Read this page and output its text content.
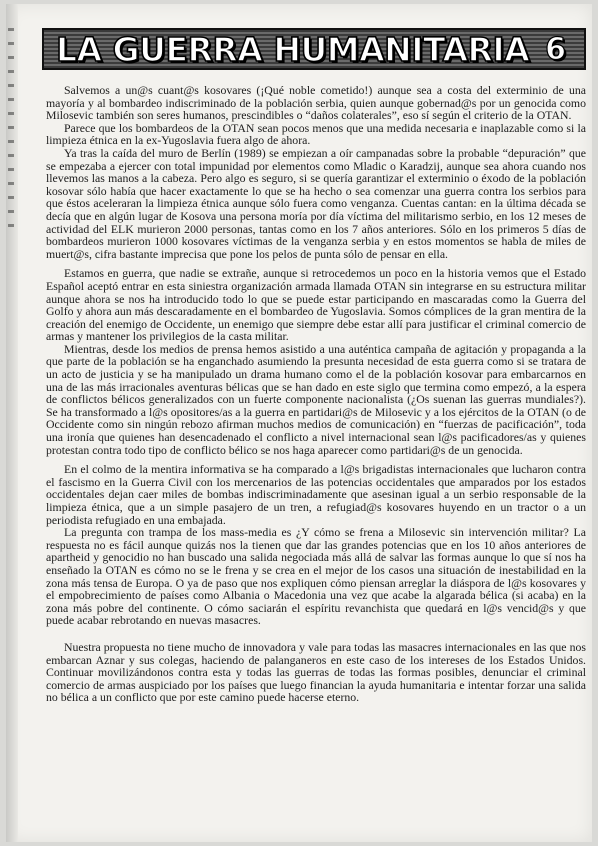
LA GUERRA HUMANITARIA 6

Salvemos a un@s cuant@s kosovares (¡Qué noble cometido!) aunque sea a costa del exterminio de una mayoría y al bombardeo indiscriminado de la población serbia, quien aunque gobernad@s por un genocida como Milosevic también son seres humanos, prescindibles o “daños colaterales”, eso sí según el criterio de la OTAN.

Parece que los bombardeos de la OTAN sean pocos menos que una medida necesaria e inaplazable como si la limpieza étnica en la ex-Yugoslavia fuera algo de ahora.

Ya tras la caída del muro de Berlín (1989) se empiezan a oír campanadas sobre la probable “depuración” que se empezaba a ejercer con total impunidad por elementos como Mladic o Karadzij, aunque sea ahora cuando nos llevemos las manos a la cabeza. Pero algo es seguro, si se quería garantizar el exterminio o éxodo de la población kosovar sólo había que hacer exactamente lo que se ha hecho o sea comenzar una guerra contra los serbios para que éstos aceleraran la limpieza étnica aunque sólo fuera como venganza. Cuentas cantan: en la última década se decía que en algún lugar de Kosova una persona moría por día víctima del militarismo serbio, en los 12 meses de actividad del ELK murieron 2000 personas, tantas como en los 7 años anteriores. Sólo en los primeros 5 días de bombardeos murieron 1000 kosovares víctimas de la venganza serbia y en estos momentos se habla de miles de muert@s, cifra bastante imprecisa que pone los pelos de punta sólo de pensar en ella.

Estamos en guerra, que nadie se extrañe, aunque si retrocedemos un poco en la historia vemos que el Estado Español aceptó entrar en esta siniestra organización armada llamada OTAN sin integrarse en su estructura militar aunque ahora se nos ha introducido todo lo que se puede estar participando en mascaradas como la Guerra del Golfo y ahora aun más descaradamente en el bombardeo de Yugoslavia. Somos cómplices de la gran mentira de la creación del enemigo de Occidente, un enemigo que siempre debe estar allí para justificar el criminal comercio de armas y mantener los privilegios de la casta militar.

Mientras, desde los medios de prensa hemos asistido a una auténtica campaña de agitación y propaganda a la que parte de la población se ha enganchado asumiendo la presunta necesidad de esta guerra como si se tratara de un acto de justicia y se ha manipulado un drama humano como el de la población kosovar para embarcarnos en una de las más irracionales aventuras bélicas que se han dado en este siglo que termina como empezó, a la espera de conflictos bélicos generalizados con un fuerte componente nacionalista (¿Os suenan las guerras mundiales?). Se ha transformado a l@s opositores/as a la guerra en partidari@s de Milosevic y a los ejércitos de la OTAN (o de Occidente como sin ningún rebozo afirman muchos medios de comunicación) en “fuerzas de pacificación”, toda una ironía que quienes han desencadenado el conflicto a nivel internacional sean l@s pacificadores/as y quienes protestan contra todo tipo de conflicto bélico se nos haga aparecer como partidari@s de un genocida.

En el colmo de la mentira informativa se ha comparado a l@s brigadistas internacionales que lucharon contra el fascismo en la Guerra Civil con los mercenarios de las potencias occidentales que amparados por los estados occidentales dejan caer miles de bombas indiscriminadamente que asesinan igual a un serbio responsable de la limpieza étnica, que a un simple pasajero de un tren, a refugiad@s kosovares huyendo en un tractor o a un periodista refugiado en una embajada.

La pregunta con trampa de los mass-media es ¿Y cómo se frena a Milosevic sin intervención militar? La respuesta no es fácil aunque quizás nos la tienen que dar las grandes potencias que en los 10 años anteriores de apartheid y genocidio no han buscado una salida negociada más allá de salvar las formas aunque lo que sí nos ha enseñado la OTAN es cómo no se le frena y se crea en el mejor de los casos una situación de inestabilidad en la zona más tensa de Europa. O ya de paso que nos expliquen cómo piensan arreglar la diáspora de l@s kosovares y el empobrecimiento de países como Albania o Macedonia una vez que acabe la algarada bélica (si acaba) en la zona más pobre del continente. O cómo saciarán el espíritu revanchista que quedará en l@s vencid@s y que puede acabar rebrotando en nuevas masacres.

Nuestra propuesta no tiene mucho de innovadora y vale para todas las masacres internacionales en las que nos embarcan Aznar y sus colegas, haciendo de palanganeros en este caso de los intereses de los Estados Unidos. Continuar movilizándonos contra esta y todas las guerras de todas las formas posibles, denunciar el criminal comercio de armas auspiciado por los países que luego financian la ayuda humanitaria e intentar forzar una salida no bélica a un conflicto que por este camino puede hacerse eterno.
